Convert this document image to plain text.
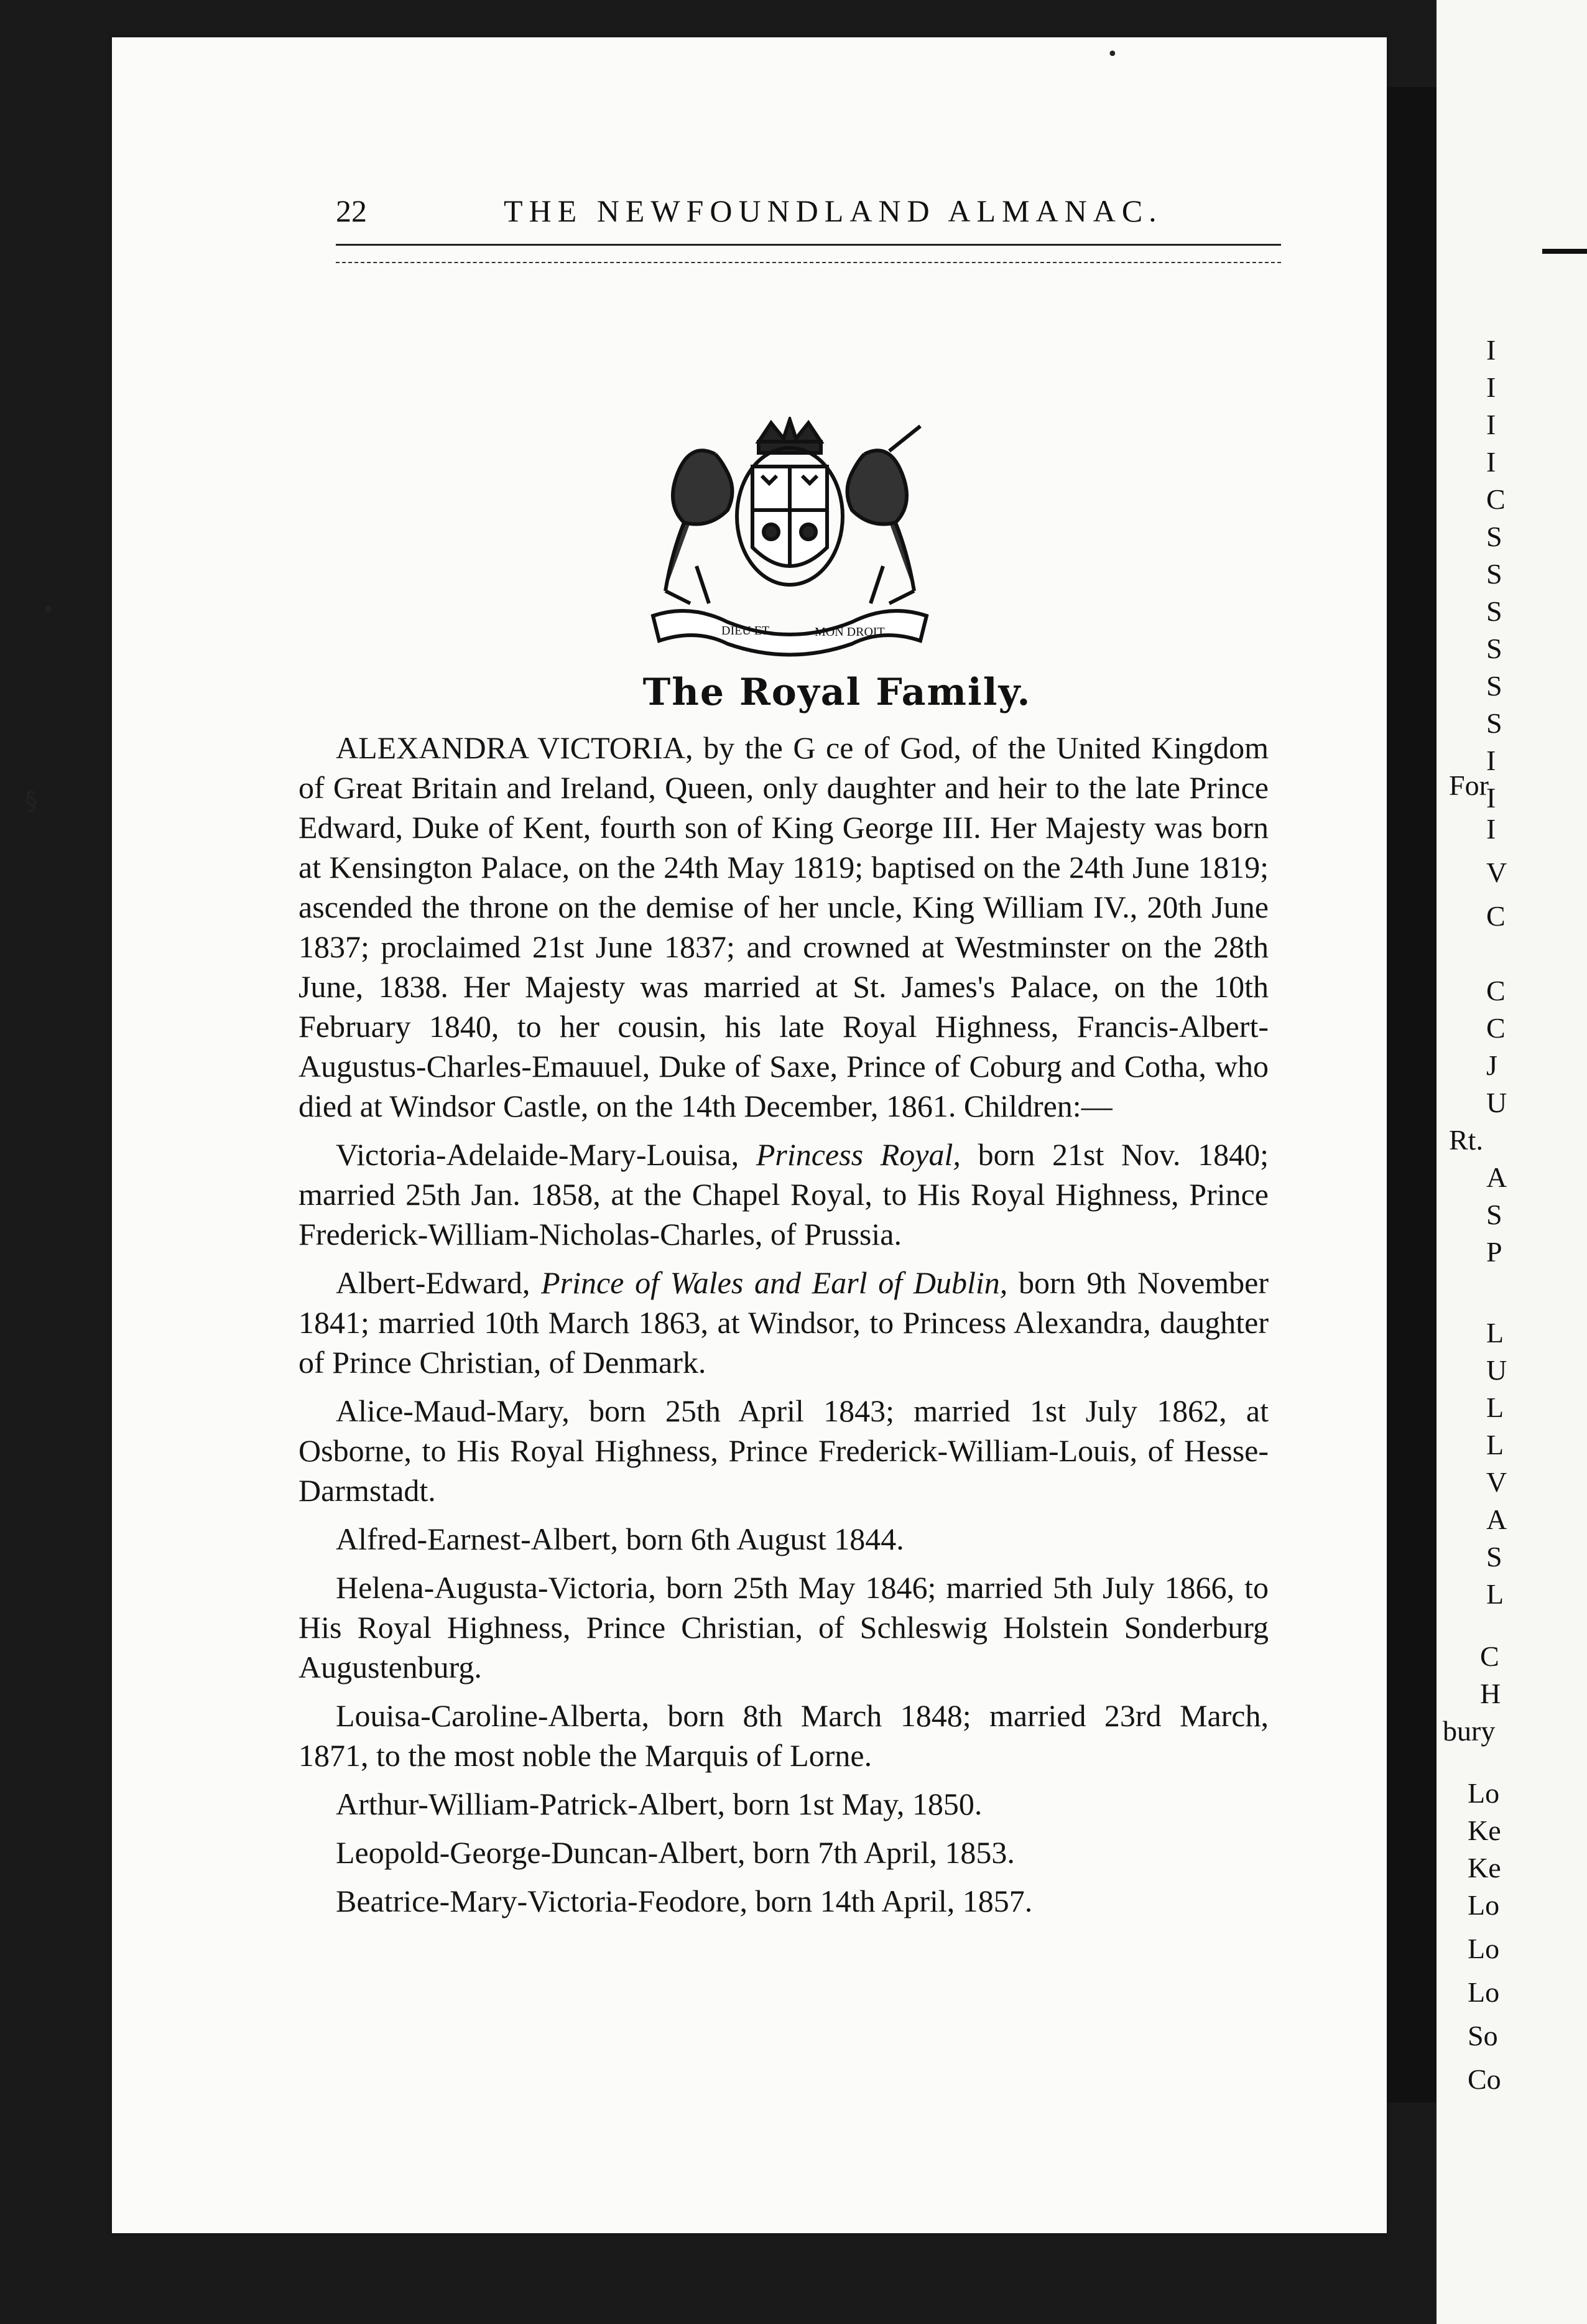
I
I
I
I
C
S
S
S
S
S
S
I
I
For
I
V
C
C
C
J
U
Rt.
A
S
P
L
U
L
L
V
A
S
L
C
H
bury
Lo
Ke
Ke
Lo
Lo
Lo
So
Co
22	THE NEWFOUNDLAND ALMANAC.
DIEU ET	MON DROIT
The Royal Family.

ALEXANDRA VICTORIA, by the G ce of God, of the United Kingdom of Great Britain and Ireland, Queen, only daughter and heir to the late Prince Edward, Duke of Kent, fourth son of King George III. Her Majesty was born at Kensington Palace, on the 24th May 1819; baptised on the 24th June 1819; ascended the throne on the demise of her uncle, King William IV., 20th June 1837; proclaimed 21st June 1837; and crowned at Westminster on the 28th June, 1838. Her Majesty was married at St. James's Palace, on the 10th February 1840, to her cousin, his late Royal Highness, Francis-Albert-Augustus-Charles-Emauuel, Duke of Saxe, Prince of Coburg and Cotha, who died at Windsor Castle, on the 14th December, 1861. Children:—

Victoria-Adelaide-Mary-Louisa, Princess Royal, born 21st Nov. 1840; married 25th Jan. 1858, at the Chapel Royal, to His Royal Highness, Prince Frederick-William-Nicholas-Charles, of Prussia.

Albert-Edward, Prince of Wales and Earl of Dublin, born 9th November 1841; married 10th March 1863, at Windsor, to Princess Alexandra, daughter of Prince Christian, of Denmark.

Alice-Maud-Mary, born 25th April 1843; married 1st July 1862, at Osborne, to His Royal Highness, Prince Frederick-William-Louis, of Hesse-Darmstadt.

Alfred-Earnest-Albert, born 6th August 1844.

Helena-Augusta-Victoria, born 25th May 1846; married 5th July 1866, to His Royal Highness, Prince Christian, of Schleswig Holstein Sonderburg Augustenburg.

Louisa-Caroline-Alberta, born 8th March 1848; married 23rd March, 1871, to the most noble the Marquis of Lorne.

Arthur-William-Patrick-Albert, born 1st May, 1850.

Leopold-George-Duncan-Albert, born 7th April, 1853.

Beatrice-Mary-Victoria-Feodore, born 14th April, 1857.

•
§
•
